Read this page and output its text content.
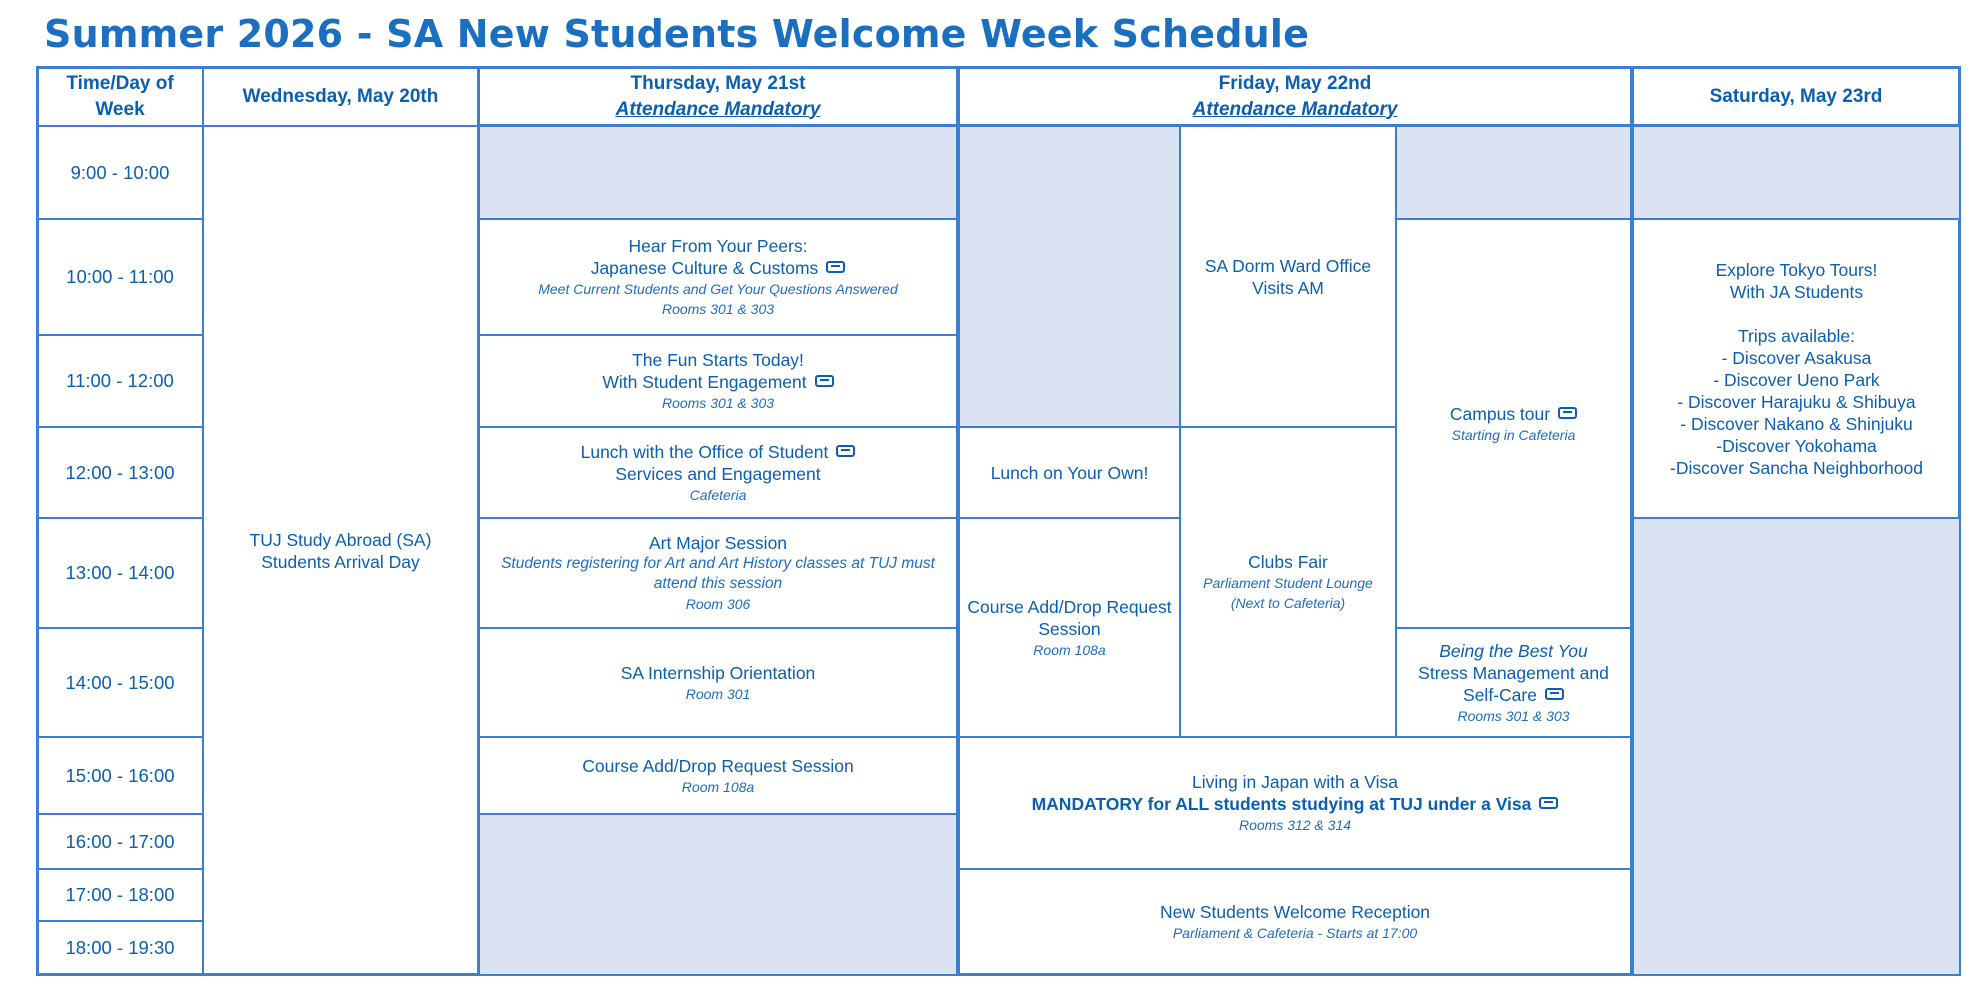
Summer 2026 - SA New Students Welcome Week Schedule
Time/Day of Week
Wednesday, May 20th
Thursday, May 21st
Attendance Mandatory
Friday, May 22nd
Attendance Mandatory
Saturday, May 23rd
9:00 - 10:00
10:00 - 11:00
11:00 - 12:00
12:00 - 13:00
13:00 - 14:00
14:00 - 15:00
15:00 - 16:00
16:00 - 17:00
17:00 - 18:00
18:00 - 19:30
TUJ Study Abroad (SA)
Students Arrival Day
Hear From Your Peers:
Japanese Culture & Customs
Meet Current Students and Get Your Questions Answered
Rooms 301 & 303
The Fun Starts Today!
With Student Engagement
Rooms 301 & 303
Lunch with the Office of Student
Services and Engagement
Cafeteria
Art Major Session
Students registering for Art and Art History classes at TUJ must attend this session
Room 306
SA Internship Orientation
Room 301
Course Add/Drop Request Session
Room 108a
Lunch on Your Own!
Course Add/Drop Request Session
Room 108a
SA Dorm Ward Office Visits AM
Clubs Fair
Parliament Student Lounge (Next to Cafeteria)
Campus tour
Starting in Cafeteria
Being the Best You
Stress Management and Self-Care
Rooms 301 & 303
Living in Japan with a Visa
MANDATORY for ALL students studying at TUJ under a Visa
Rooms 312 & 314
New Students Welcome Reception
Parliament & Cafeteria - Starts at 17:00
Explore Tokyo Tours!
With JA Students
Trips available:
- Discover Asakusa
- Discover Ueno Park
- Discover Harajuku & Shibuya
- Discover Nakano & Shinjuku
-Discover Yokohama
-Discover Sancha Neighborhood
